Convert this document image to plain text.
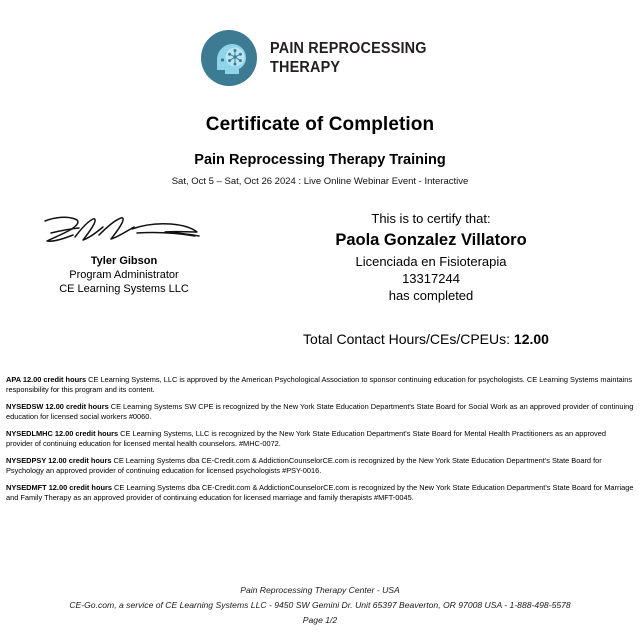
PAIN REPROCESSING
THERAPY
Certificate of Completion
Pain Reprocessing Therapy Training
Sat, Oct 5 – Sat, Oct 26 2024 : Live Online Webinar Event - Interactive
Tyler Gibson
Program Administrator
CE Learning Systems LLC
This is to certify that:
Paola Gonzalez Villatoro
Licenciada en Fisioterapia
13317244
has completed
Total Contact Hours/CEs/CPEUs: 12.00

APA 12.00 credit hours CE Learning Systems, LLC is approved by the American Psychological Association to sponsor continuing education for psychologists. CE Learning Systems maintains responsibility for this program and its content.

NYSEDSW 12.00 credit hours CE Learning Systems SW CPE is recognized by the New York State Education Department's State Board for Social Work as an approved provider of continuing education for licensed social workers #0060.

NYSEDLMHC 12.00 credit hours CE Learning Systems, LLC is recognized by the New York State Education Department's State Board for Mental Health Practitioners as an approved provider of continuing education for licensed mental health counselors. #MHC-0072.

NYSEDPSY 12.00 credit hours CE Learning Systems dba CE-Credit.com & AddictionCounselorCE.com is recognized by the New York State Education Department's State Board for Psychology an approved provider of continuing education for licensed psychologists #PSY-0016.

NYSEDMFT 12.00 credit hours CE Learning Systems dba CE-Credit.com & AddictionCounselorCE.com is recognized by the New York State Education Department's State Board for Marriage and Family Therapy as an approved provider of continuing education for licensed marriage and family therapists #MFT-0045.

Pain Reprocessing Therapy Center - USA
CE-Go.com, a service of CE Learning Systems LLC - 9450 SW Gemini Dr. Unit 65397 Beaverton, OR 97008 USA - 1-888-498-5578
Page 1/2
